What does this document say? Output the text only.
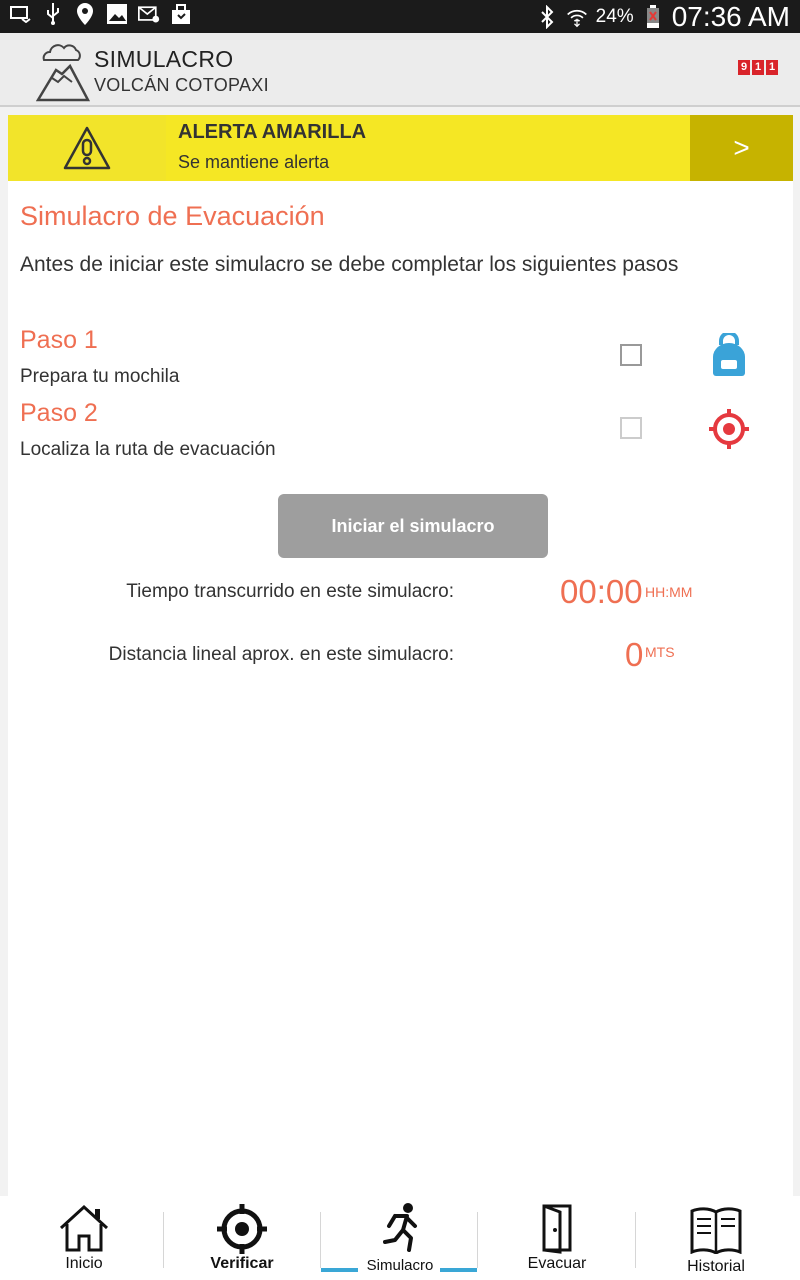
24% 07:36 AM
SIMULACRO
VOLCÁN COTOPAXI
9 1 1
ALERTA AMARILLA
Se mantiene alerta	>
Simulacro de Evacuación
Antes de iniciar este simulacro se debe completar los siguientes pasos
Paso 1
Prepara tu mochila
Paso 2
Localiza la ruta de evacuación
Iniciar el simulacro
Tiempo transcurrido en este simulacro:	00:00 HH:MM
Distancia lineal aprox. en este simulacro:	0 MTS
Inicio	Verificar	Simulacro	Evacuar	Historial
